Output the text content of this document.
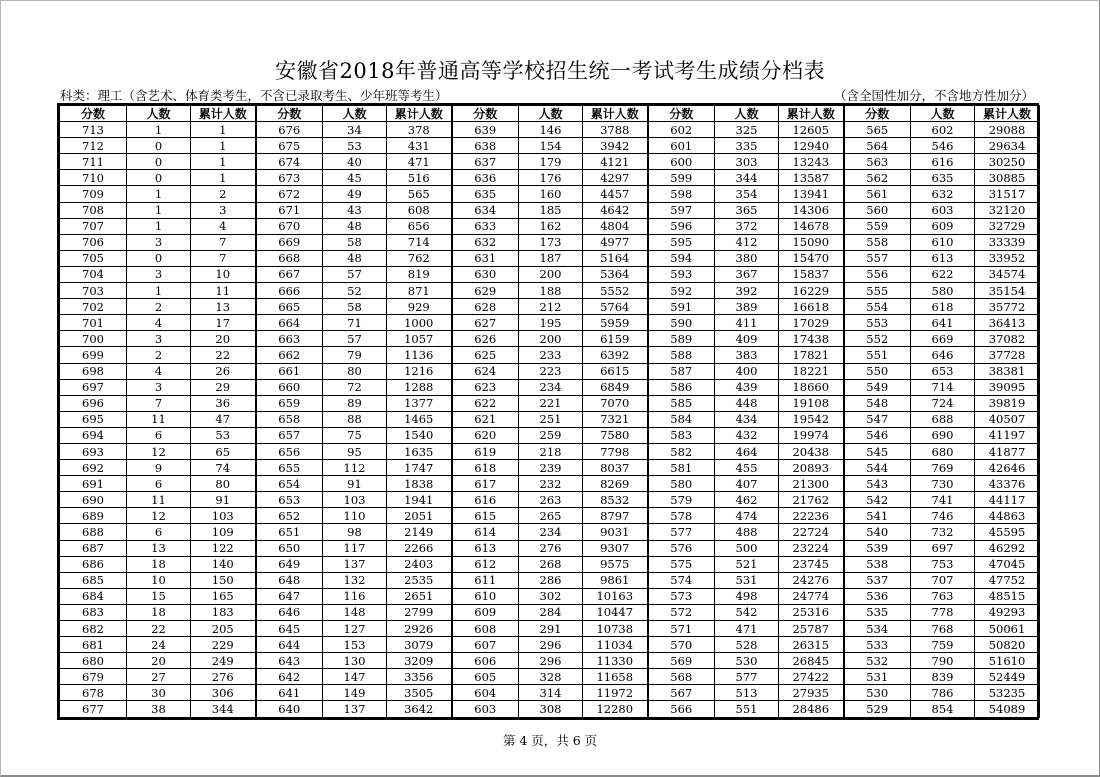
安徽省2018年普通高等学校招生统一考试考生成绩分档表
科类：理工（含艺术、体育类考生，不含已录取考生、少年班等考生）	（含全国性加分，不含地方性加分）
分数	人数	累计人数	分数	人数	累计人数	分数	人数	累计人数	分数	人数	累计人数	分数	人数	累计人数
713	1	1	676	34	378	639	146	3788	602	325	12605	565	602	29088
712	0	1	675	53	431	638	154	3942	601	335	12940	564	546	29634
711	0	1	674	40	471	637	179	4121	600	303	13243	563	616	30250
710	0	1	673	45	516	636	176	4297	599	344	13587	562	635	30885
709	1	2	672	49	565	635	160	4457	598	354	13941	561	632	31517
708	1	3	671	43	608	634	185	4642	597	365	14306	560	603	32120
707	1	4	670	48	656	633	162	4804	596	372	14678	559	609	32729
706	3	7	669	58	714	632	173	4977	595	412	15090	558	610	33339
705	0	7	668	48	762	631	187	5164	594	380	15470	557	613	33952
704	3	10	667	57	819	630	200	5364	593	367	15837	556	622	34574
703	1	11	666	52	871	629	188	5552	592	392	16229	555	580	35154
702	2	13	665	58	929	628	212	5764	591	389	16618	554	618	35772
701	4	17	664	71	1000	627	195	5959	590	411	17029	553	641	36413
700	3	20	663	57	1057	626	200	6159	589	409	17438	552	669	37082
699	2	22	662	79	1136	625	233	6392	588	383	17821	551	646	37728
698	4	26	661	80	1216	624	223	6615	587	400	18221	550	653	38381
697	3	29	660	72	1288	623	234	6849	586	439	18660	549	714	39095
696	7	36	659	89	1377	622	221	7070	585	448	19108	548	724	39819
695	11	47	658	88	1465	621	251	7321	584	434	19542	547	688	40507
694	6	53	657	75	1540	620	259	7580	583	432	19974	546	690	41197
693	12	65	656	95	1635	619	218	7798	582	464	20438	545	680	41877
692	9	74	655	112	1747	618	239	8037	581	455	20893	544	769	42646
691	6	80	654	91	1838	617	232	8269	580	407	21300	543	730	43376
690	11	91	653	103	1941	616	263	8532	579	462	21762	542	741	44117
689	12	103	652	110	2051	615	265	8797	578	474	22236	541	746	44863
688	6	109	651	98	2149	614	234	9031	577	488	22724	540	732	45595
687	13	122	650	117	2266	613	276	9307	576	500	23224	539	697	46292
686	18	140	649	137	2403	612	268	9575	575	521	23745	538	753	47045
685	10	150	648	132	2535	611	286	9861	574	531	24276	537	707	47752
684	15	165	647	116	2651	610	302	10163	573	498	24774	536	763	48515
683	18	183	646	148	2799	609	284	10447	572	542	25316	535	778	49293
682	22	205	645	127	2926	608	291	10738	571	471	25787	534	768	50061
681	24	229	644	153	3079	607	296	11034	570	528	26315	533	759	50820
680	20	249	643	130	3209	606	296	11330	569	530	26845	532	790	51610
679	27	276	642	147	3356	605	328	11658	568	577	27422	531	839	52449
678	30	306	641	149	3505	604	314	11972	567	513	27935	530	786	53235
677	38	344	640	137	3642	603	308	12280	566	551	28486	529	854	54089
第 4 页，共 6 页
